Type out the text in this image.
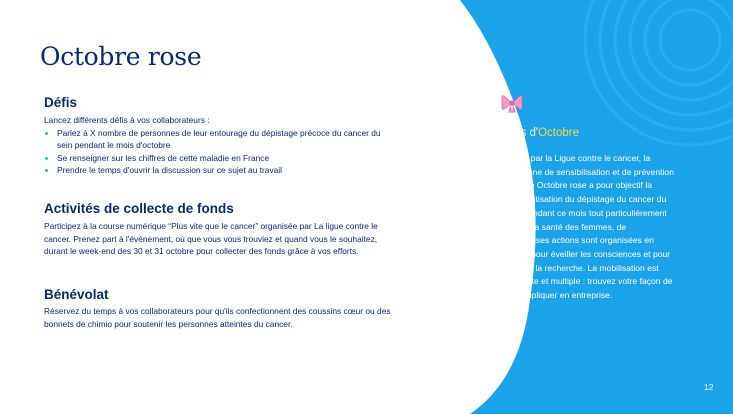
Octobre rose
Défis
Lancez différents défis à vos collaborateurs :
• Parlez à X nombre de personnes de leur entourage du dépistage précoce du cancer du sein pendant le mois d'octobre
• Se renseigner sur les chiffres de cette maladie en France
• Prendre le temps d'ouvrir la discussion sur ce sujet au travail
Activités de collecte de fonds
Participez à la course numérique “Plus vite que le cancer” organisée par La ligue contre le cancer. Prenez part à l'événement, où que vous vous trouviez et quand vous le souhaitez, durant le week-end des 30 et 31 octobre pour collecter des fonds grâce à vos efforts.
Bénévolat
Réservez du temps à vos collaborateurs pour qu'ils confectionnent des coussins cœur ou des bonnets de chimio pour soutenir les personnes atteintes du cancer.
Mois d'Octobre
Menée par la Ligue contre le cancer, la campagne de sensibilisation et de prévention annuelle Octobre rose a pour objectif la démocratisation du dépistage du cancer du sein. Pendant ce mois tout particulièrement dédié à la santé des femmes, de nombreuses actions sont organisées en France pour éveiller les consciences et pour appuyer la recherche. La mobilisation est puissante et multiple : trouvez votre façon de vous impliquer en entreprise.
12
